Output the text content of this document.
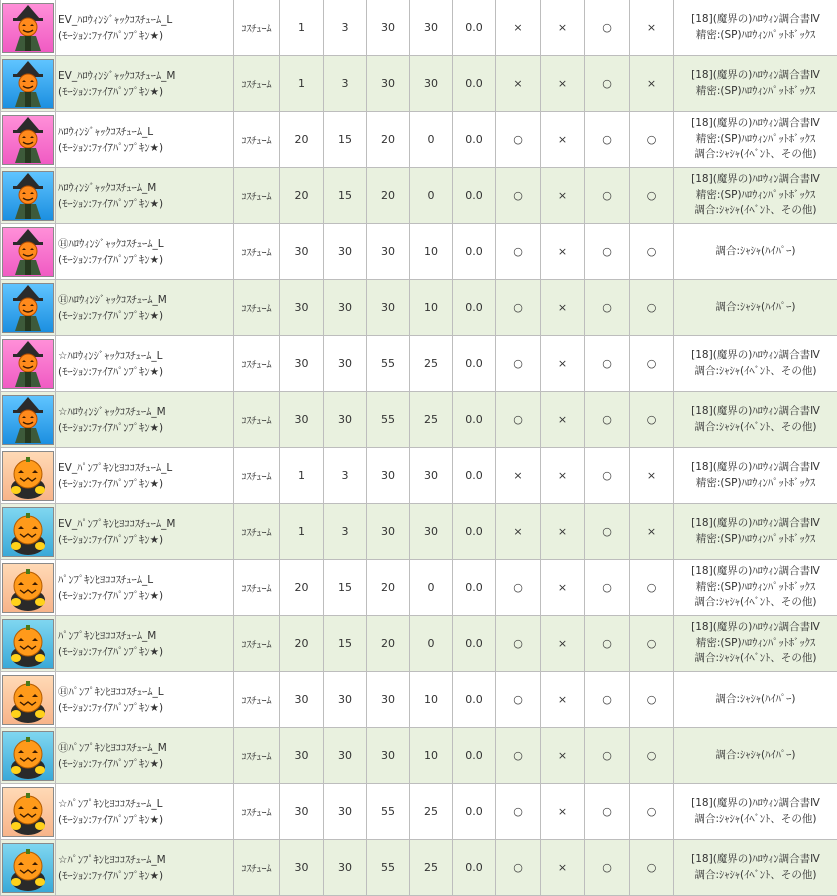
EV_ﾊﾛｳｨﾝｼﾞｬｯｸｺｽﾁｭｰﾑ_L
(ﾓｰｼｮﾝ:ﾌｧｲｱﾊﾟﾝﾌﾟｷﾝ★)	ｺｽﾁｭｰﾑ	1	3	30	30	0.0	×	×	○	×	[18](魔界の)ﾊﾛｳｨﾝ調合書Ⅳ
精密:(SP)ﾊﾛｳｨﾝﾊﾟｯﾄﾎﾞｯｸｽ

EV_ﾊﾛｳｨﾝｼﾞｬｯｸｺｽﾁｭｰﾑ_M
(ﾓｰｼｮﾝ:ﾌｧｲｱﾊﾟﾝﾌﾟｷﾝ★)	ｺｽﾁｭｰﾑ	1	3	30	30	0.0	×	×	○	×	[18](魔界の)ﾊﾛｳｨﾝ調合書Ⅳ
精密:(SP)ﾊﾛｳｨﾝﾊﾟｯﾄﾎﾞｯｸｽ

ﾊﾛｳｨﾝｼﾞｬｯｸｺｽﾁｭｰﾑ_L
(ﾓｰｼｮﾝ:ﾌｧｲｱﾊﾟﾝﾌﾟｷﾝ★)	ｺｽﾁｭｰﾑ	20	15	20	0	0.0	○	×	○	○	[18](魔界の)ﾊﾛｳｨﾝ調合書Ⅳ
精密:(SP)ﾊﾛｳｨﾝﾊﾟｯﾄﾎﾞｯｸｽ
調合:ｼｬｼｬ(ｲﾍﾞﾝﾄ、その他)

ﾊﾛｳｨﾝｼﾞｬｯｸｺｽﾁｭｰﾑ_M
(ﾓｰｼｮﾝ:ﾌｧｲｱﾊﾟﾝﾌﾟｷﾝ★)	ｺｽﾁｭｰﾑ	20	15	20	0	0.0	○	×	○	○	[18](魔界の)ﾊﾛｳｨﾝ調合書Ⅳ
精密:(SP)ﾊﾛｳｨﾝﾊﾟｯﾄﾎﾞｯｸｽ
調合:ｼｬｼｬ(ｲﾍﾞﾝﾄ、その他)

Ⓗﾊﾛｳｨﾝｼﾞｬｯｸｺｽﾁｭｰﾑ_L
(ﾓｰｼｮﾝ:ﾌｧｲｱﾊﾟﾝﾌﾟｷﾝ★)	ｺｽﾁｭｰﾑ	30	30	30	10	0.0	○	×	○	○	調合:ｼｬｼｬ(ﾊｲﾊﾟｰ)

Ⓗﾊﾛｳｨﾝｼﾞｬｯｸｺｽﾁｭｰﾑ_M
(ﾓｰｼｮﾝ:ﾌｧｲｱﾊﾟﾝﾌﾟｷﾝ★)	ｺｽﾁｭｰﾑ	30	30	30	10	0.0	○	×	○	○	調合:ｼｬｼｬ(ﾊｲﾊﾟｰ)

☆ﾊﾛｳｨﾝｼﾞｬｯｸｺｽﾁｭｰﾑ_L
(ﾓｰｼｮﾝ:ﾌｧｲｱﾊﾟﾝﾌﾟｷﾝ★)	ｺｽﾁｭｰﾑ	30	30	55	25	0.0	○	×	○	○	[18](魔界の)ﾊﾛｳｨﾝ調合書Ⅳ
調合:ｼｬｼｬ(ｲﾍﾞﾝﾄ、その他)

☆ﾊﾛｳｨﾝｼﾞｬｯｸｺｽﾁｭｰﾑ_M
(ﾓｰｼｮﾝ:ﾌｧｲｱﾊﾟﾝﾌﾟｷﾝ★)	ｺｽﾁｭｰﾑ	30	30	55	25	0.0	○	×	○	○	[18](魔界の)ﾊﾛｳｨﾝ調合書Ⅳ
調合:ｼｬｼｬ(ｲﾍﾞﾝﾄ、その他)

EV_ﾊﾟﾝﾌﾟｷﾝﾋﾖｺｺｽﾁｭｰﾑ_L
(ﾓｰｼｮﾝ:ﾌｧｲｱﾊﾟﾝﾌﾟｷﾝ★)	ｺｽﾁｭｰﾑ	1	3	30	30	0.0	×	×	○	×	[18](魔界の)ﾊﾛｳｨﾝ調合書Ⅳ
精密:(SP)ﾊﾛｳｨﾝﾊﾟｯﾄﾎﾞｯｸｽ

EV_ﾊﾟﾝﾌﾟｷﾝﾋﾖｺｺｽﾁｭｰﾑ_M
(ﾓｰｼｮﾝ:ﾌｧｲｱﾊﾟﾝﾌﾟｷﾝ★)	ｺｽﾁｭｰﾑ	1	3	30	30	0.0	×	×	○	×	[18](魔界の)ﾊﾛｳｨﾝ調合書Ⅳ
精密:(SP)ﾊﾛｳｨﾝﾊﾟｯﾄﾎﾞｯｸｽ

ﾊﾟﾝﾌﾟｷﾝﾋﾖｺｺｽﾁｭｰﾑ_L
(ﾓｰｼｮﾝ:ﾌｧｲｱﾊﾟﾝﾌﾟｷﾝ★)	ｺｽﾁｭｰﾑ	20	15	20	0	0.0	○	×	○	○	[18](魔界の)ﾊﾛｳｨﾝ調合書Ⅳ
精密:(SP)ﾊﾛｳｨﾝﾊﾟｯﾄﾎﾞｯｸｽ
調合:ｼｬｼｬ(ｲﾍﾞﾝﾄ、その他)

ﾊﾟﾝﾌﾟｷﾝﾋﾖｺｺｽﾁｭｰﾑ_M
(ﾓｰｼｮﾝ:ﾌｧｲｱﾊﾟﾝﾌﾟｷﾝ★)	ｺｽﾁｭｰﾑ	20	15	20	0	0.0	○	×	○	○	[18](魔界の)ﾊﾛｳｨﾝ調合書Ⅳ
精密:(SP)ﾊﾛｳｨﾝﾊﾟｯﾄﾎﾞｯｸｽ
調合:ｼｬｼｬ(ｲﾍﾞﾝﾄ、その他)

Ⓗﾊﾟﾝﾌﾟｷﾝﾋﾖｺｺｽﾁｭｰﾑ_L
(ﾓｰｼｮﾝ:ﾌｧｲｱﾊﾟﾝﾌﾟｷﾝ★)	ｺｽﾁｭｰﾑ	30	30	30	10	0.0	○	×	○	○	調合:ｼｬｼｬ(ﾊｲﾊﾟｰ)

Ⓗﾊﾟﾝﾌﾟｷﾝﾋﾖｺｺｽﾁｭｰﾑ_M
(ﾓｰｼｮﾝ:ﾌｧｲｱﾊﾟﾝﾌﾟｷﾝ★)	ｺｽﾁｭｰﾑ	30	30	30	10	0.0	○	×	○	○	調合:ｼｬｼｬ(ﾊｲﾊﾟｰ)

☆ﾊﾟﾝﾌﾟｷﾝﾋﾖｺｺｽﾁｭｰﾑ_L
(ﾓｰｼｮﾝ:ﾌｧｲｱﾊﾟﾝﾌﾟｷﾝ★)	ｺｽﾁｭｰﾑ	30	30	55	25	0.0	○	×	○	○	[18](魔界の)ﾊﾛｳｨﾝ調合書Ⅳ
調合:ｼｬｼｬ(ｲﾍﾞﾝﾄ、その他)

☆ﾊﾟﾝﾌﾟｷﾝﾋﾖｺｺｽﾁｭｰﾑ_M
(ﾓｰｼｮﾝ:ﾌｧｲｱﾊﾟﾝﾌﾟｷﾝ★)	ｺｽﾁｭｰﾑ	30	30	55	25	0.0	○	×	○	○	[18](魔界の)ﾊﾛｳｨﾝ調合書Ⅳ
調合:ｼｬｼｬ(ｲﾍﾞﾝﾄ、その他)
